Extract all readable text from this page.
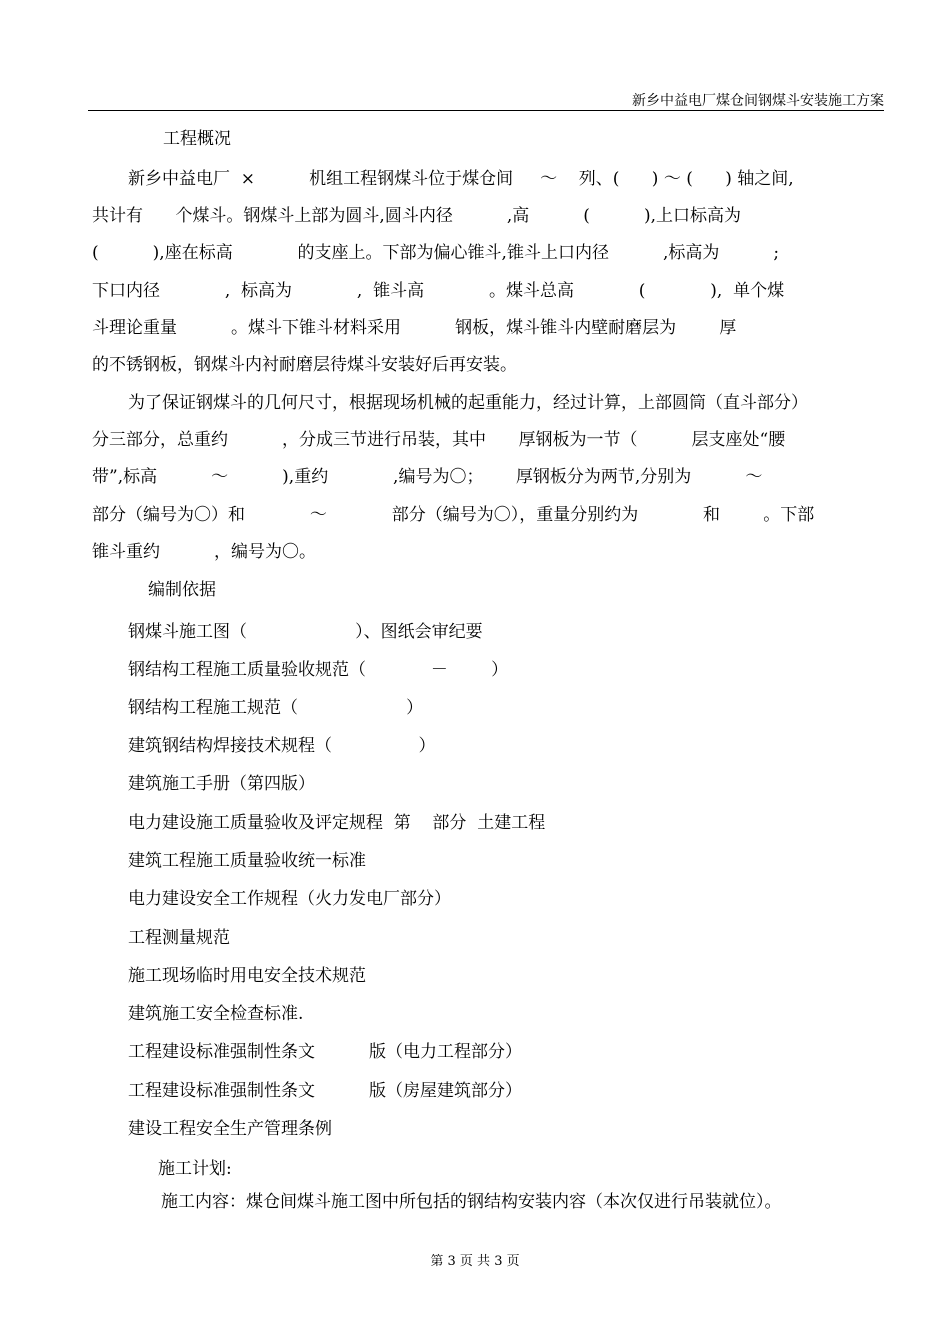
新乡中益电厂煤仓间钢煤斗安装施工方案
工程概况
新乡中益电厂  ×          机组工程钢煤斗位于煤仓间     ～    列、(      ) ～ (      ) 轴之间,
共计有      个煤斗。钢煤斗上部为圆斗,圆斗内径          ,高          (          ),上口标高为
(          ),座在标高            的支座上。下部为偏心锥斗,锥斗上口内径          ,标高为          ;
下口内径            ,  标高为            ,  锥斗高            。煤斗总高            (            ),  单个煤
斗理论重量          。煤斗下锥斗材料采用          钢板，煤斗锥斗内壁耐磨层为        厚
的不锈钢板，钢煤斗内衬耐磨层待煤斗安装好后再安装。
为了保证钢煤斗的几何尺寸，根据现场机械的起重能力，经过计算，上部圆筒（直斗部分）
分三部分，总重约          ，分成三节进行吊装，其中      厚钢板为一节（          层支座处“腰
带”,标高          ～          ),重约            ,编号为〇；      厚钢板分为两节,分别为          ～
部分（编号为〇）和            ～            部分（编号为〇），重量分别约为            和        。下部
锥斗重约          ，编号为〇。
编制依据
钢煤斗施工图（                    ）、图纸会审纪要
钢结构工程施工质量验收规范（            －        ）
钢结构工程施工规范（                    ）
建筑钢结构焊接技术规程（                ）
建筑施工手册（第四版）
电力建设施工质量验收及评定规程  第    部分  土建工程
建筑工程施工质量验收统一标准
电力建设安全工作规程（火力发电厂部分）
工程测量规范
施工现场临时用电安全技术规范
建筑施工安全检查标准.
工程建设标准强制性条文          版（电力工程部分）
工程建设标准强制性条文          版（房屋建筑部分）
建设工程安全生产管理条例
施工计划:
施工内容：煤仓间煤斗施工图中所包括的钢结构安装内容（本次仅进行吊装就位）。
第 3 页 共 3 页
